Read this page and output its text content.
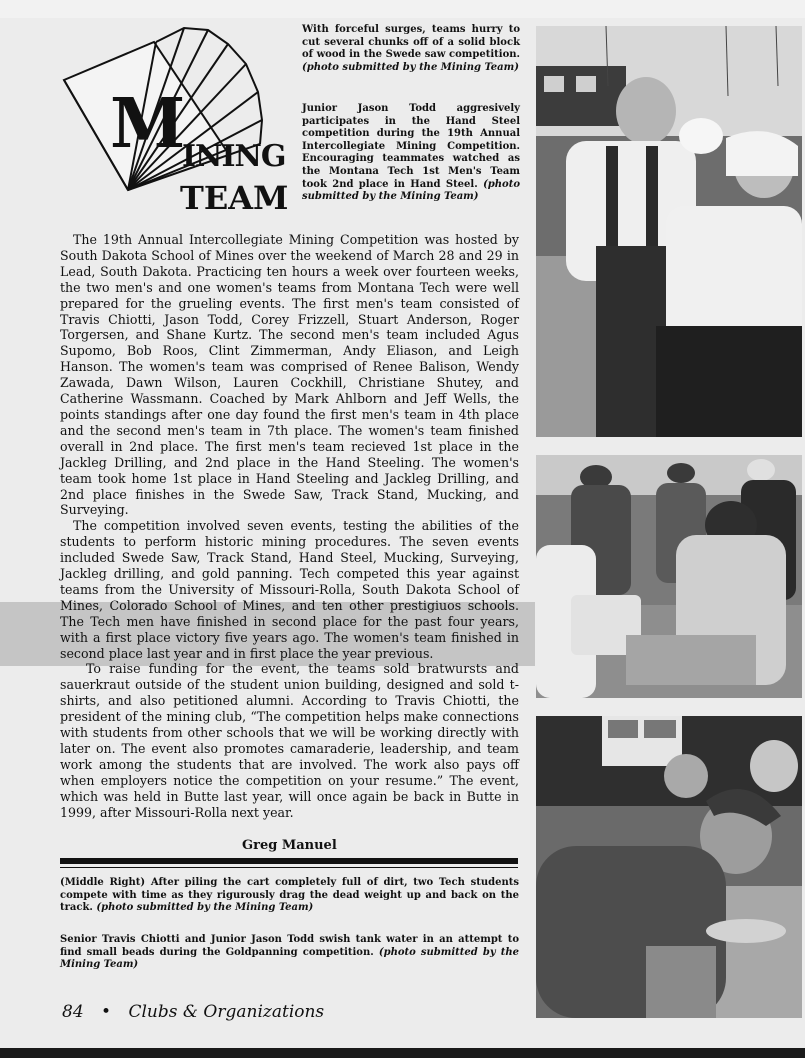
M
INING
TEAM
With forceful surges, teams hurry to cut several chunks off of a solid block of wood in the Swede saw competition. (photo submitted by the Mining Team)
Junior Jason Todd aggresively participates in the Hand Steel competition during the 19th Annual Intercollegiate Mining Competition. Encouraging teammates watched as the Montana Tech 1st Men's Team took 2nd place in Hand Steel. (photo submitted by the Mining Team)

The 19th Annual Intercollegiate Mining Competition was hosted by South Dakota School of Mines over the weekend of March 28 and 29 in Lead, South Dakota. Practicing ten hours a week over fourteen weeks, the two men's and one women's teams from Montana Tech were well prepared for the grueling events. The first men's team consisted of Travis Chiotti, Jason Todd, Corey Frizzell, Stuart Anderson, Roger Torgersen, and Shane Kurtz. The second men's team included Agus Supomo, Bob Roos, Clint Zimmerman, Andy Eliason, and Leigh Hanson. The women's team was comprised of Renee Balison, Wendy Zawada, Dawn Wilson, Lauren Cockhill, Christiane Shutey, and Catherine Wassmann. Coached by Mark Ahlborn and Jeff Wells, the points standings after one day found the first men's team in 4th place and the second men's team in 7th place. The women's team finished overall in 2nd place. The first men's team recieved 1st place in the Jackleg Drilling, and 2nd place in the Hand Steeling. The women's team took home 1st place in Hand Steeling and Jackleg Drilling, and 2nd place finishes in the Swede Saw, Track Stand, Mucking, and Surveying.

The competition involved seven events, testing the abilities of the students to perform historic mining procedures. The seven events included Swede Saw, Track Stand, Hand Steel, Mucking, Surveying, Jackleg drilling, and gold panning. Tech competed this year against teams from the University of Missouri-Rolla, South Dakota School of Mines, Colorado School of Mines, and ten other prestigiuos schools. The Tech men have finished in second place for the past four years, with a first place victory five years ago. The women's team finished in second place last year and in first place the year previous.

To raise funding for the event, the teams sold bratwursts and sauerkraut outside of the student union building, designed and sold t-shirts, and also petitioned alumni. According to Travis Chiotti, the president of the mining club, “The competition helps make connections with students from other schools that we will be working directly with later on. The event also promotes camaraderie, leadership, and team work among the students that are involved. The work also pays off when employers notice the competition on your resume.” The event, which was held in Butte last year, will once again be back in Butte in 1999, after Missouri-Rolla next year.

Greg Manuel
(Middle Right) After piling the cart completely full of dirt, two Tech students compete with time as they rigurously drag the dead weight up and back on the track. (photo submitted by the Mining Team)
Senior Travis Chiotti and Junior Jason Todd swish tank water in an attempt to find small beads during the Goldpanning competition. (photo submitted by the Mining Team)
84 • Clubs & Organizations
